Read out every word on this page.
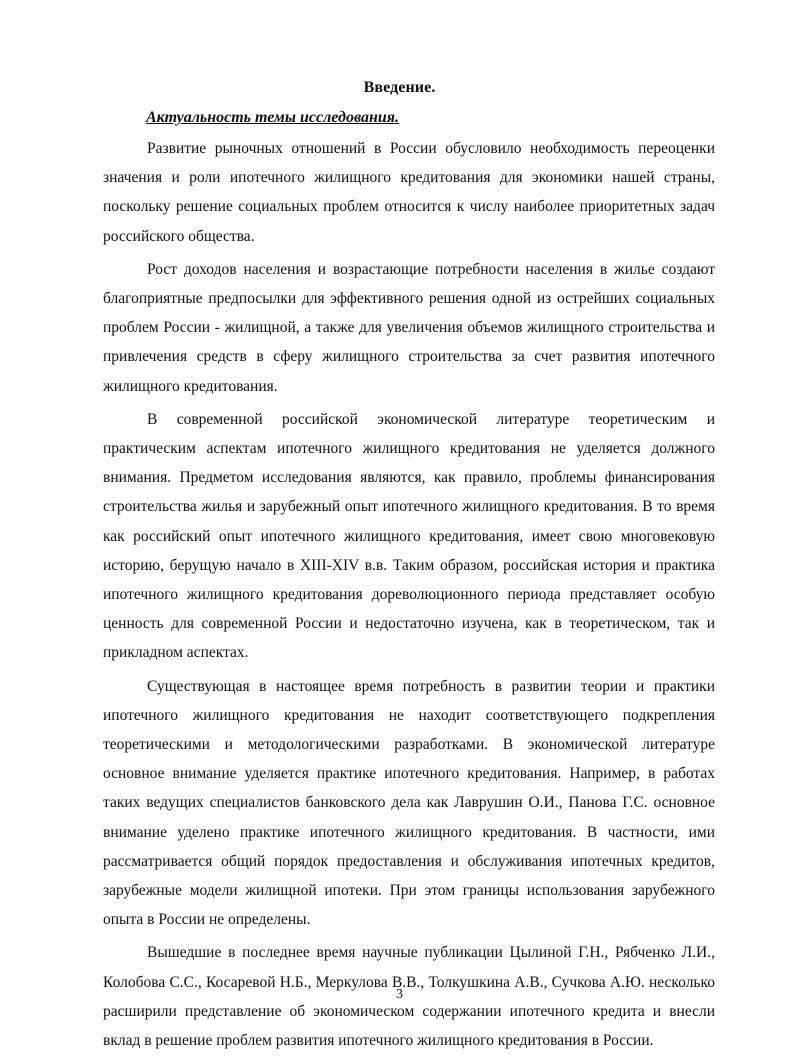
Введение.
Актуальность темы исследования.

Развитие рыночных отношений в России обусловило необходимость переоценки значения и роли ипотечного жилищного кредитования для экономики нашей страны, поскольку решение социальных проблем относится к числу наиболее приоритетных задач российского общества.

Рост доходов населения и возрастающие потребности населения в жилье создают благоприятные предпосылки для эффективного решения одной из острейших социальных проблем России - жилищной, а также для увеличения объемов жилищного строительства и привлечения средств в сферу жилищного строительства за счет развития ипотечного жилищного кредитования.

В современной российской экономической литературе теоретическим и практическим аспектам ипотечного жилищного кредитования не уделяется должного внимания. Предметом исследования являются, как правило, проблемы финансирования строительства жилья и зарубежный опыт ипотечного жилищного кредитования. В то время как российский опыт ипотечного жилищного кредитования, имеет свою многовековую историю, берущую начало в XIII-XIV в.в. Таким образом, российская история и практика ипотечного жилищного кредитования дореволюционного периода представляет особую ценность для современной России и недостаточно изучена, как в теоретическом, так и прикладном аспектах.

Существующая в настоящее время потребность в развитии теории и практики ипотечного жилищного кредитования не находит соответствующего подкрепления теоретическими и методологическими разработками. В экономической литературе основное внимание уделяется практике ипотечного кредитования. Например, в работах таких ведущих специалистов банковского дела как Лаврушин О.И., Панова Г.С. основное внимание уделено практике ипотечного жилищного кредитования. В частности, ими рассматривается общий порядок предоставления и обслуживания ипотечных кредитов, зарубежные модели жилищной ипотеки. При этом границы использования зарубежного опыта в России не определены.

Вышедшие в последнее время научные публикации Цылиной Г.Н., Рябченко Л.И., Колобова С.С., Косаревой Н.Б., Меркулова В.В., Толкушкина А.В., Сучкова А.Ю. несколько расширили представление об экономическом содержании ипотечного кредита и внесли вклад в решение проблем развития ипотечного жилищного кредитования в России.

3
